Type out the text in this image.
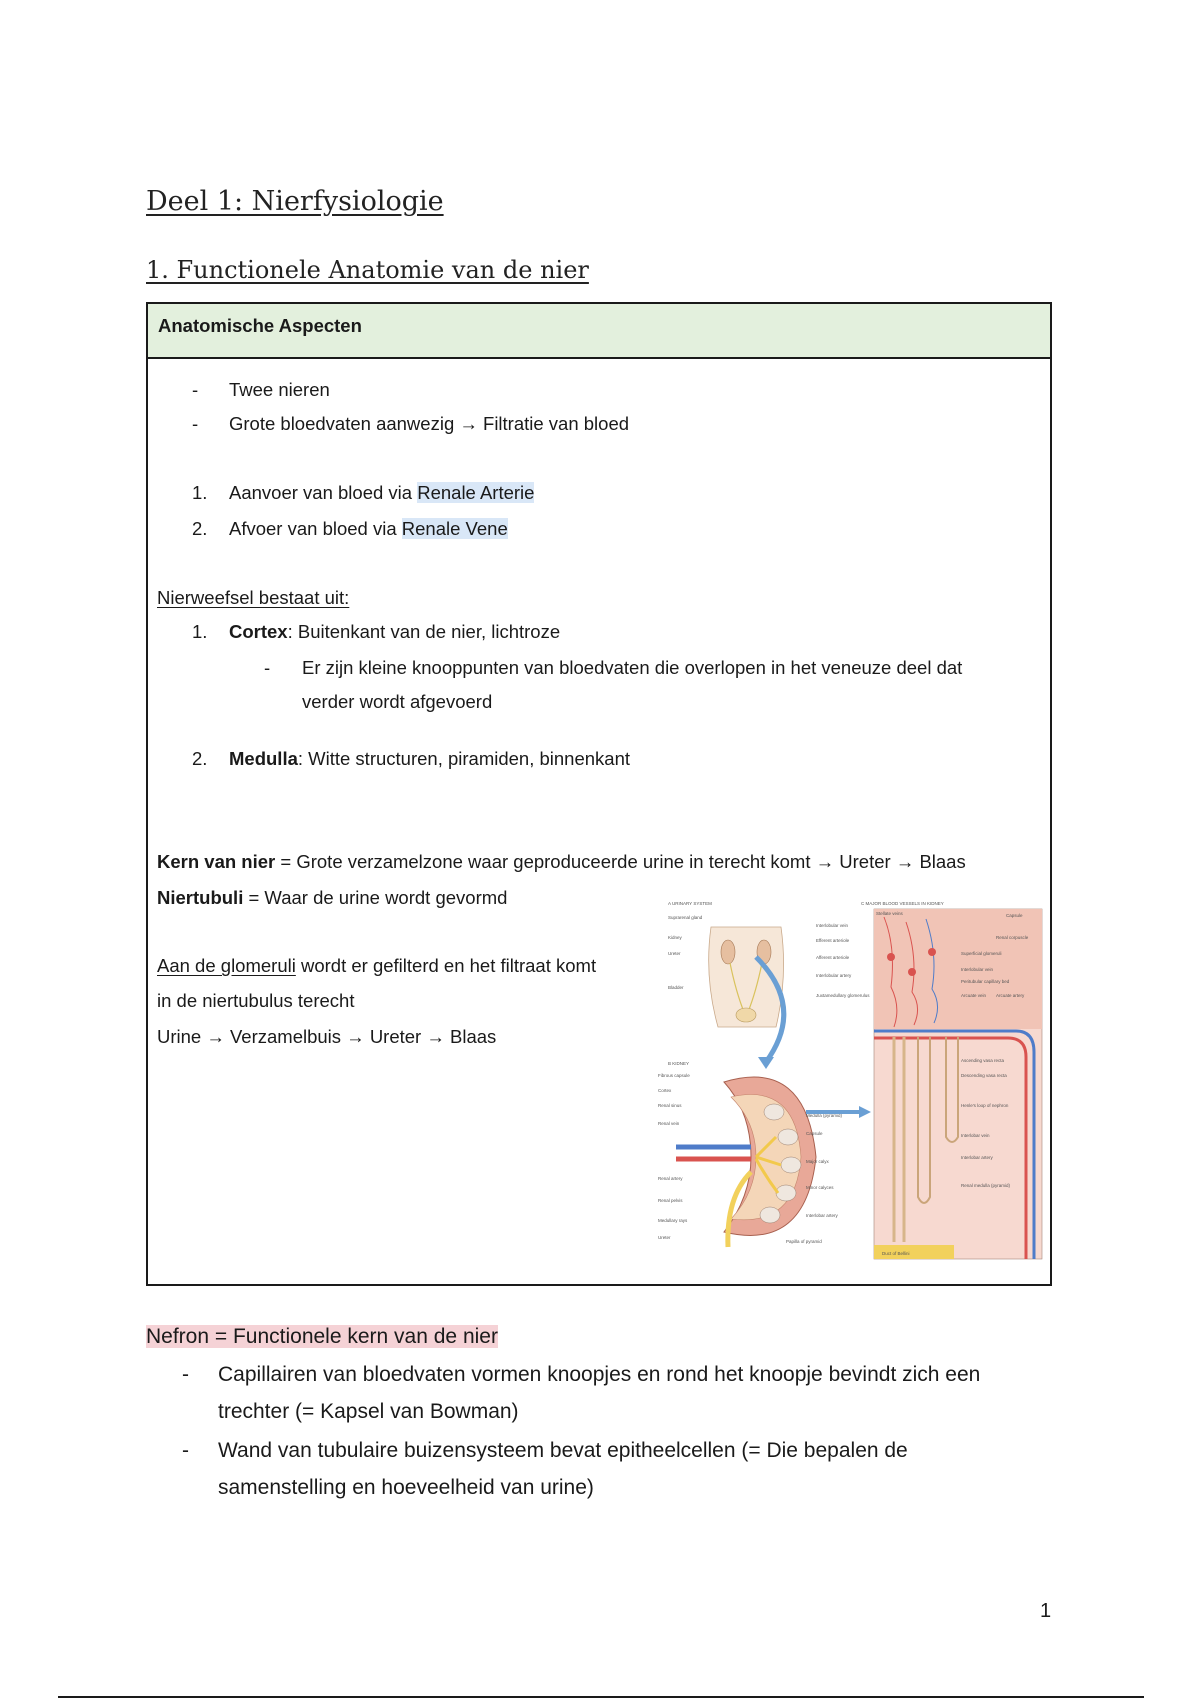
Deel 1: Nierfysiologie
1. Functionele Anatomie van de nier
Anatomische Aspecten
- Twee nieren
- Grote bloedvaten aanwezig → Filtratie van bloed
1. Aanvoer van bloed via Renale Arterie
2. Afvoer van bloed via Renale Vene
Nierweefsel bestaat uit:
1. Cortex: Buitenkant van de nier, lichtroze
- Er zijn kleine knooppunten van bloedvaten die overlopen in het veneuze deel dat
verder wordt afgevoerd
2. Medulla: Witte structuren, piramiden, binnenkant
Kern van nier = Grote verzamelzone waar geproduceerde urine in terecht komt → Ureter → Blaas
Niertubuli = Waar de urine wordt gevormd
Aan de glomeruli wordt er gefilterd en het filtraat komt
in de niertubulus terecht
Urine → Verzamelbuis → Ureter → Blaas
A URINARY SYSTEM
Suprarenal gland
Kidney
Ureter
Bladder
B KIDNEY
Fibrous capsule
Cortex
Renal sinus
Renal vein
Renal artery
Renal pelvis
Medullary rays
Ureter
Medulla (pyramid)
Capsule
Major calyx
Minor calyces
Interlobar artery
Papilla of pyramid
C MAJOR BLOOD VESSELS IN KIDNEY
Stellate veins	Capsule
Interlobular vein
Efferent arteriole
Afferent arteriole
Interlobular artery
Juxtamedullary glomerulus
Renal corpuscle
Superficial glomeruli
Interlobular vein
Peritubular capillary bed
Arcuate vein Arcuate artery
Ascending vasa recta
Descending vasa recta
Henle's loop of nephron
Interlobar vein
Interlobar artery
Renal medulla (pyramid)
Duct of Bellini
Nefron = Functionele kern van de nier
- Capillairen van bloedvaten vormen knoopjes en rond het knoopje bevindt zich een
trechter (= Kapsel van Bowman)
- Wand van tubulaire buizensysteem bevat epitheelcellen (= Die bepalen de
samenstelling en hoeveelheid van urine)
1
